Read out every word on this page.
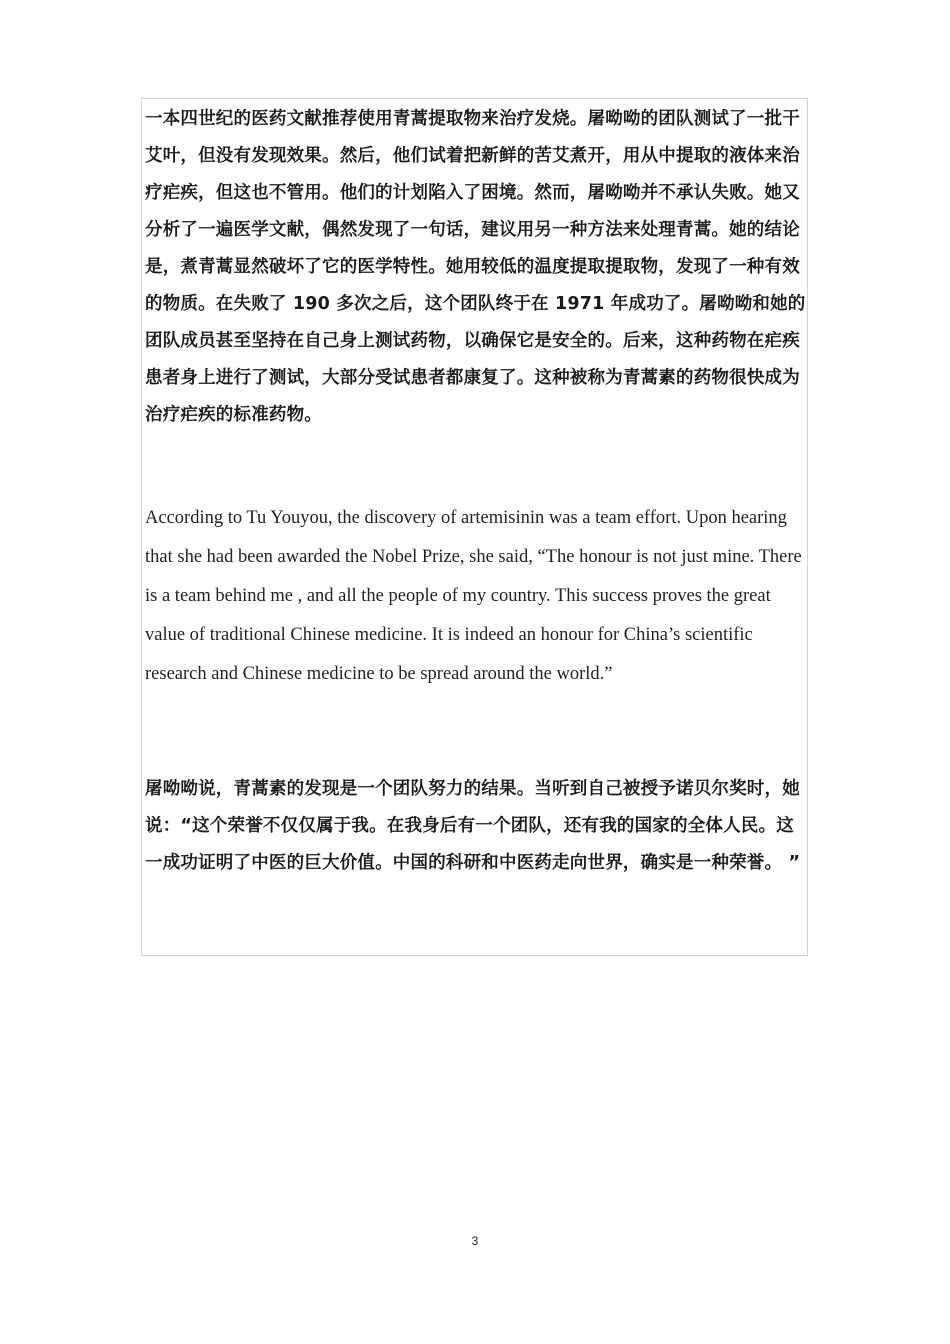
一本四世纪的医药文献推荐使用青蒿提取物来治疗发烧。屠呦呦的团队测试了一批干艾叶，但没有发现效果。然后，他们试着把新鲜的苦艾煮开，用从中提取的液体来治疗疟疾，但这也不管用。他们的计划陷入了困境。然而，屠呦呦并不承认失败。她又分析了一遍医学文献，偶然发现了一句话，建议用另一种方法来处理青蒿。她的结论是，煮青蒿显然破坏了它的医学特性。她用较低的温度提取提取物，发现了一种有效的物质。在失败了 190 多次之后，这个团队终于在 1971 年成功了。屠呦呦和她的团队成员甚至坚持在自己身上测试药物，以确保它是安全的。后来，这种药物在疟疾患者身上进行了测试，大部分受试患者都康复了。这种被称为青蒿素的药物很快成为治疗疟疾的标准药物。

According to Tu Youyou, the discovery of artemisinin was a team effort. Upon hearing that she had been awarded the Nobel Prize, she said, “The honour is not just mine. There is a team behind me , and all the people of my country. This success proves the great value of traditional Chinese medicine. It is indeed an honour for China’s scientific research and Chinese medicine to be spread around the world.”

屠呦呦说，青蒿素的发现是一个团队努力的结果。当听到自己被授予诺贝尔奖时，她说：“这个荣誉不仅仅属于我。在我身后有一个团队，还有我的国家的全体人民。这一成功证明了中医的巨大价值。中国的科研和中医药走向世界，确实是一种荣誉。 ”

3
